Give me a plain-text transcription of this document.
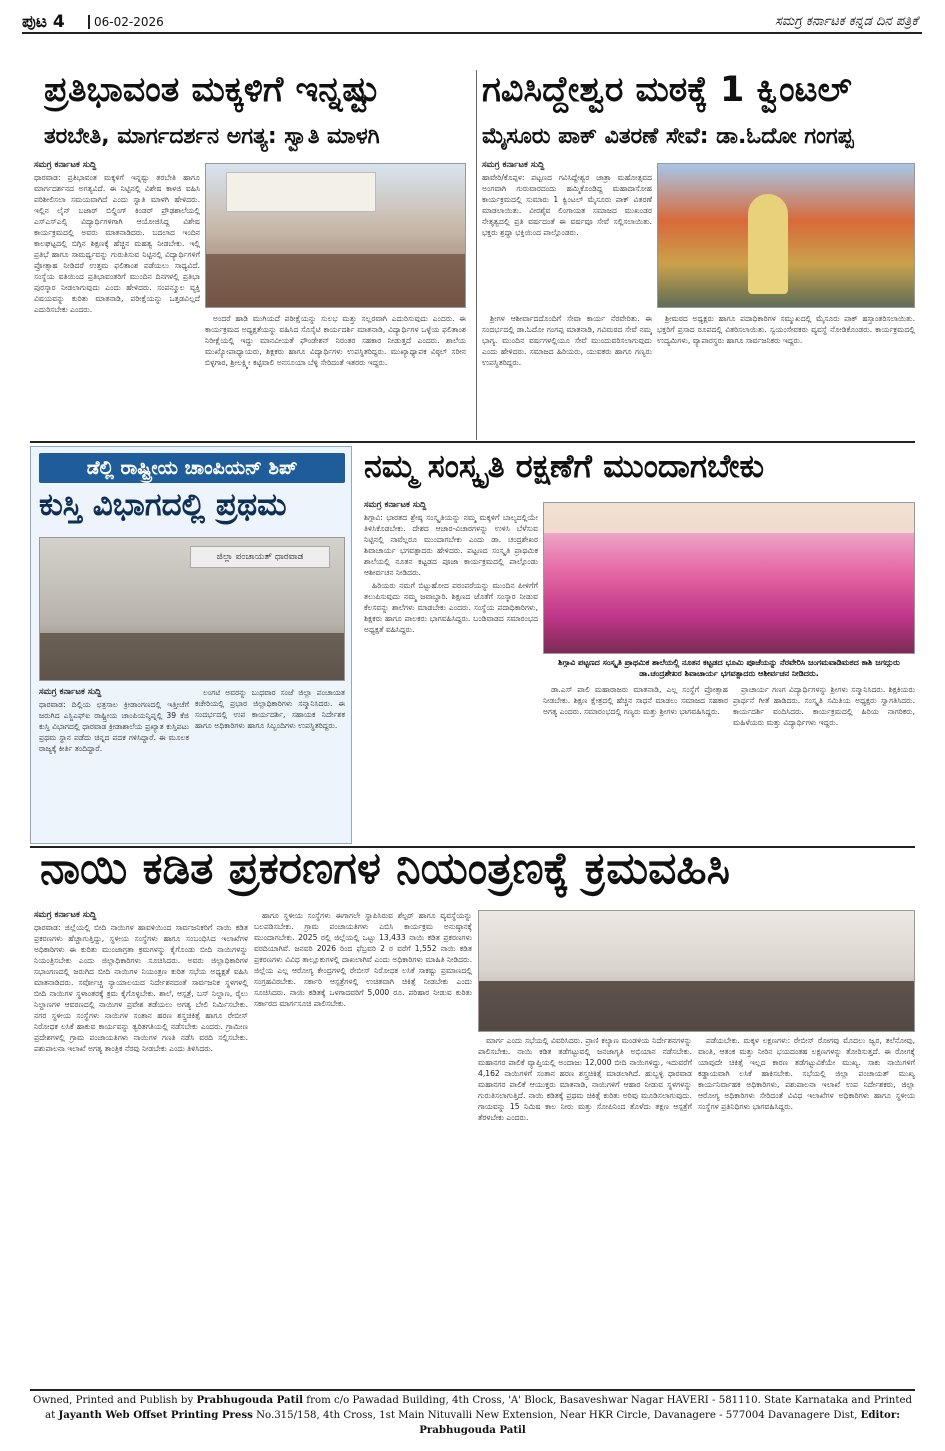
ಪುಟ 4	06-02-2026	ಸಮಗ್ರ ಕರ್ನಾಟಕ ಕನ್ನಡ ದಿನ ಪತ್ರಿಕೆ
ಪ್ರತಿಭಾವಂತ ಮಕ್ಕಳಿಗೆ ಇನ್ನಷ್ಟು
ತರಬೇತಿ, ಮಾರ್ಗದರ್ಶನ ಅಗತ್ಯ: ಸ್ವಾತಿ ಮಾಳಗಿ

ಸಮಗ್ರ ಕರ್ನಾಟಕ ಸುದ್ದಿ
ಧಾರವಾಡ: ಪ್ರತಿಭಾವಂತ ಮಕ್ಕಳಿಗೆ ಇನ್ನಷ್ಟು ತರಬೇತಿ ಹಾಗೂ ಮಾರ್ಗದರ್ಶನದ ಅಗತ್ಯವಿದೆ. ಈ ನಿಟ್ಟಿನಲ್ಲಿ ವಿಶೇಷ ಕಾಳಜಿ ವಹಿಸಿ ಪರಿಶೀಲಿಸಲಾ ಸಮಯವಾಗಿದೆ ಎಂದು ಸ್ವಾತಿ ಮಾಳಗಿ ಹೇಳಿದರು. ಇಲ್ಲಿನ ಲೈನ್ ಬಜಾರ್ ಬಿಲ್ಡಿಂಗ್ ಕಿಂಡರ್ ಪ್ರೌಢಶಾಲೆಯಲ್ಲಿ ಎಸ್ಎಸ್ಎಲ್ಸಿ ವಿದ್ಯಾರ್ಥಿಗಳಿಗಾಗಿ ಆಯೋಜಿಸಿದ್ದ ವಿಶೇಷ ಕಾರ್ಯಕ್ರಮದಲ್ಲಿ ಅವರು ಮಾತನಾಡಿದರು. ಬದಲಾದ ಇಂದಿನ ಕಾಲಘಟ್ಟದಲ್ಲಿ ಬಿಗ್ಗಿನ ಶಿಕ್ಷಣಕ್ಕೆ ಹೆಚ್ಚಿನ ಮಹತ್ವ ನೀಡಬೇಕು. ಇಲ್ಲಿ ಪ್ರತಿಭೆ ಹಾಗೂ ಸಾಮರ್ಥ್ಯವನ್ನು ಗುರುತಿಸುವ ನಿಟ್ಟಿನಲ್ಲಿ ವಿದ್ಯಾರ್ಥಿಗಳಿಗೆ ಪ್ರೋತ್ಸಾಹ ನೀಡಿದರೆ ಉತ್ತಮ ಫಲಿತಾಂಶ ಪಡೆಯಲು ಸಾಧ್ಯವಿದೆ. ಸಂಸ್ಥೆಯ ವತಿಯಿಂದ ಪ್ರತಿಭಾವಂತರಿಗೆ ಮುಂದಿನ ದಿನಗಳಲ್ಲಿ ಪ್ರತಿಭಾ ಪುರಸ್ಕಾರ ನೀಡಲಾಗುವುದು ಎಂದು ಹೇಳಿದರು. ಸಂಪನ್ಮೂಲ ವ್ಯಕ್ತಿ ವಿಷಯವನ್ನು ಕುರಿತು ಮಾತನಾಡಿ, ಪರೀಕ್ಷೆಯನ್ನು ಒತ್ತಡವಿಲ್ಲದೆ ಎದುರಿಸಬೇಕು ಎಂದರು.

ಅಂದರೆ ಹಾಡಿ ಮುಗಿಯದೆ ಪರೀಕ್ಷೆಯನ್ನು ಸುಲಭ ಮತ್ತು ಸಲ್ಲರವಾಗಿ ಎದುರಿಸುವುದು ಎಂದರು. ಈ ಕಾರ್ಯಕ್ರಮದ ಅಧ್ಯಕ್ಷತೆಯನ್ನು ವಹಿಸಿದ ಸೊಸೈಟಿ ಕಾರ್ಯದರ್ಶಿ ಮಾತನಾಡಿ, ವಿದ್ಯಾರ್ಥಿಗಳ ಒಳ್ಳೆಯ ಫಲಿತಾಂಶ ನಿರೀಕ್ಷೆಯಲ್ಲಿ ಇದ್ದು ಮಾನವೀಯತೆ ಫೌಂಡೇಶನ್ ನಿರಂತರ ಸಹಕಾರ ನೀಡುತ್ತದೆ ಎಂದರು. ಶಾಲೆಯ ಮುಖ್ಯೋಪಾಧ್ಯಾಯರು, ಶಿಕ್ಷಕರು ಹಾಗೂ ವಿದ್ಯಾರ್ಥಿಗಳು ಉಪಸ್ಥಿತರಿದ್ದರು. ಮುಖ್ಯಾಧ್ಯಾಪಕ ವಿಠ್ಠಲ್ ಸರೀನ ಬಿಳ್ಳಗಾರ, ಶ್ರೀಲಕ್ಷ್ಮೀ ಕಟ್ಟಿವಾಲಿ ಅನಸೂಯಾ ಬೆಳ್ಳಿ ಸೇರಿದಂತೆ ಇತರರು ಇದ್ದರು.

ಗವಿಸಿದ್ದೇಶ್ವರ ಮಠಕ್ಕೆ 1 ಕ್ವಿಂಟಲ್
ಮೈಸೂರು ಪಾಕ್ ವಿತರಣೆ ಸೇವೆ: ಡಾ.ಓದೋ ಗಂಗಪ್ಪ

ಸಮಗ್ರ ಕರ್ನಾಟಕ ಸುದ್ದಿ
ಹಾವೇರಿ/ಕೊಪ್ಪಳ: ಪಟ್ಟಣದ ಗವಿಸಿದ್ದೇಶ್ವರ ಜಾತ್ರಾ ಮಹೋತ್ಸವದ ಅಂಗವಾಗಿ ಗುರುವಾರದಂದು ಹಮ್ಮಿಕೊಂಡಿದ್ದ ಮಹಾದಾಸೋಹ ಕಾರ್ಯಕ್ರಮದಲ್ಲಿ ಸುಮಾರು 1 ಕ್ವಿಂಟಲ್ ಮೈಸೂರು ಪಾಕ್ ವಿತರಣೆ ಮಾಡಲಾಯಿತು. ವೀರಶೈವ ಲಿಂಗಾಯತ ಸಮಾಜದ ಮುಖಂಡರ ನೇತೃತ್ವದಲ್ಲಿ ಪ್ರತಿ ವರ್ಷದಂತೆ ಈ ವರ್ಷವೂ ಸೇವೆ ಸಲ್ಲಿಸಲಾಯಿತು. ಭಕ್ತರು ಶ್ರದ್ಧಾ ಭಕ್ತಿಯಿಂದ ಪಾಲ್ಗೊಂಡರು.

ಶ್ರೀಗಳ ಆಶೀರ್ವಾದದೊಂದಿಗೆ ಸೇವಾ ಕಾರ್ಯ ನೆರವೇರಿತು. ಈ ಸಂದರ್ಭದಲ್ಲಿ ಡಾ.ಓದೋ ಗಂಗಪ್ಪ ಮಾತನಾಡಿ, ಗವಿಮಠದ ಸೇವೆ ನಮ್ಮ ಭಾಗ್ಯ. ಮುಂದಿನ ವರ್ಷಗಳಲ್ಲಿಯೂ ಸೇವೆ ಮುಂದುವರಿಸಲಾಗುವುದು ಎಂದು ಹೇಳಿದರು. ಸಮಾಜದ ಹಿರಿಯರು, ಯುವಕರು ಹಾಗೂ ಗಣ್ಯರು ಉಪಸ್ಥಿತರಿದ್ದರು.

ಶ್ರೀಮಠದ ಅಧ್ಯಕ್ಷರು ಹಾಗೂ ಪದಾಧಿಕಾರಿಗಳ ಸಮ್ಮುಖದಲ್ಲಿ ಮೈಸೂರು ಪಾಕ್ ಹಸ್ತಾಂತರಿಸಲಾಯಿತು. ಭಕ್ತರಿಗೆ ಪ್ರಸಾದ ರೂಪದಲ್ಲಿ ವಿತರಿಸಲಾಯಿತು. ಸ್ವಯಂಸೇವಕರು ವ್ಯವಸ್ಥೆ ನೋಡಿಕೊಂಡರು. ಕಾರ್ಯಕ್ರಮದಲ್ಲಿ ಉದ್ಯಮಿಗಳು, ವ್ಯಾಪಾರಸ್ಥರು ಹಾಗೂ ಸಾರ್ವಜನಿಕರು ಇದ್ದರು.

ಡೆಲ್ಲಿ ರಾಷ್ಟ್ರೀಯ ಚಾಂಪಿಯನ್ ಶಿಪ್
ಕುಸ್ತಿ ವಿಭಾಗದಲ್ಲಿ ಪ್ರಥಮ
ಜಿಲ್ಲಾ ಪಂಚಾಯತ್ ಧಾರವಾಡ

ಸಮಗ್ರ ಕರ್ನಾಟಕ ಸುದ್ದಿ
ಧಾರವಾಡ: ದಿಲ್ಲಿಯ ಛತ್ರಸಾಲ ಕ್ರೀಡಾಂಗಣದಲ್ಲಿ ಇತ್ತೀಚೆಗೆ ಜರುಗಿದ ಎಸ್ಜಿಎಫ್ಐ ರಾಷ್ಟ್ರೀಯ ಚಾಂಪಿಯನ್ಶಿಪ್ನಲ್ಲಿ 39 ಕೆಜಿ ಕುಸ್ತಿ ವಿಭಾಗದಲ್ಲಿ ಧಾರವಾಡ ಕ್ರೀಡಾಶಾಲೆಯ ಪ್ರಖ್ಯಾತ ಕುಸ್ತಿಪಟು ಪ್ರಥಮ ಸ್ಥಾನ ಪಡೆದು ಚಿನ್ನದ ಪದಕ ಗಳಿಸಿದ್ದಾರೆ. ಈ ಮೂಲಕ ರಾಜ್ಯಕ್ಕೆ ಕೀರ್ತಿ ತಂದಿದ್ದಾರೆ.

ಲಂಗಟಿ ಅವರನ್ನು ಬುಧವಾರ ಸಂಜೆ ಜಿಲ್ಲಾ ಪಂಚಾಯತ ಕಚೇರಿಯಲ್ಲಿ ಪ್ರಭಾರ ಜಿಲ್ಲಾಧಿಕಾರಿಗಳು ಸನ್ಮಾನಿಸಿದರು. ಈ ಸಂದರ್ಭದಲ್ಲಿ ಉಪ ಕಾರ್ಯದರ್ಶಿ, ಸಹಾಯಕ ನಿರ್ದೇಶಕ ಹಾಗೂ ಅಧಿಕಾರಿಗಳು ಹಾಗೂ ಸಿಬ್ಬಂದಿಗಳು ಉಪಸ್ಥಿತರಿದ್ದರು.

ನಮ್ಮ ಸಂಸ್ಕೃತಿ ರಕ್ಷಣೆಗೆ ಮುಂದಾಗಬೇಕು

ಸಮಗ್ರ ಕರ್ನಾಟಕ ಸುದ್ದಿ
ಶಿಗ್ಗಾವಿ: ಭಾರತದ ಶ್ರೇಷ್ಠ ಸಂಸ್ಕೃತಿಯನ್ನು ನಮ್ಮ ಮಕ್ಕಳಿಗೆ ಬಾಲ್ಯದಲ್ಲಿಯೇ ತಿಳಿಸಿಕೊಡಬೇಕು. ದೇಶದ ಆಚಾರ-ವಿಚಾರಗಳನ್ನು ಉಳಿಸಿ ಬೆಳೆಸುವ ನಿಟ್ಟಿನಲ್ಲಿ ನಾವೆಲ್ಲರೂ ಮುಂದಾಗಬೇಕು ಎಂದು ಡಾ. ಚಂದ್ರಶೇಖರ ಶಿವಾಚಾರ್ಯ ಭಗವತ್ಪಾದರು ಹೇಳಿದರು. ಪಟ್ಟಣದ ಸಂಸ್ಕೃತಿ ಪ್ರಾಥಮಿಕ ಶಾಲೆಯಲ್ಲಿ ನೂತನ ಕಟ್ಟಡದ ಪೂಜಾ ಕಾರ್ಯಕ್ರಮದಲ್ಲಿ ಪಾಲ್ಗೊಂಡು ಆಶೀರ್ವಚನ ನೀಡಿದರು.

ಹಿರಿಯರು ನಮಗೆ ಬಿಟ್ಟುಹೋದ ಪರಂಪರೆಯನ್ನು ಮುಂದಿನ ಪೀಳಿಗೆಗೆ ತಲುಪಿಸುವುದು ನಮ್ಮ ಜವಾಬ್ದಾರಿ. ಶಿಕ್ಷಣದ ಜೊತೆಗೆ ಸಂಸ್ಕಾರ ನೀಡುವ ಕೆಲಸವನ್ನು ಶಾಲೆಗಳು ಮಾಡಬೇಕು ಎಂದರು. ಸಂಸ್ಥೆಯ ಪದಾಧಿಕಾರಿಗಳು, ಶಿಕ್ಷಕರು ಹಾಗೂ ಪಾಲಕರು ಭಾಗವಹಿಸಿದ್ದರು. ಬಂಡಿವಾಡದ ಸಮಾರಂಭದ ಅಧ್ಯಕ್ಷತೆ ವಹಿಸಿದ್ದರು.

ಶಿಗ್ಗಾವಿ ಪಟ್ಟಣದ ಸಂಸ್ಕೃತಿ ಪ್ರಾಥಮಿಕ ಶಾಲೆಯಲ್ಲಿ ನೂತನ ಕಟ್ಟಡದ ಭೂಮಿ ಪೂಜೆಯನ್ನು ನೆರವೇರಿಸಿ ಜಂಗಮವಾಡಿಮಠದ ಕಾಶಿ ಜಗದ್ಗುರು ಡಾ.ಚಂದ್ರಶೇಖರ ಶಿವಾಚಾರ್ಯ ಭಗವತ್ಪಾದರು ಆಶೀರ್ವಚನ ನೀಡಿದರು.

ಡಾ.ಎಸ್ ಪಾಲಿ ಮಹಾರಾಜರು ಮಾತನಾಡಿ, ಎಲ್ಲ ಸಂಸ್ಥೆಗೆ ಪ್ರೋತ್ಸಾಹ ನೀಡಬೇಕು. ಶಿಕ್ಷಣ ಕ್ಷೇತ್ರದಲ್ಲಿ ಹೆಚ್ಚಿನ ಸಾಧನೆ ಮಾಡಲು ಸಮಾಜದ ಸಹಕಾರ ಅಗತ್ಯ ಎಂದರು. ಸಮಾರಂಭದಲ್ಲಿ ಗಣ್ಯರು ಮತ್ತು ಶ್ರೀಗಳು ಭಾಗವಹಿಸಿದ್ದರು.

ಪ್ರಾಚಾರ್ಯ ಗಣಗ ವಿದ್ಯಾರ್ಥಿಗಳನ್ನು ಶ್ರೀಗಳು ಸನ್ಮಾನಿಸಿದರು. ಶಿಕ್ಷಕಿಯರು ಪ್ರಾರ್ಥನೆ ಗೀತೆ ಹಾಡಿದರು. ಸಂಸ್ಕೃತಿ ಸಮಿತಿಯ ಅಧ್ಯಕ್ಷರು ಸ್ವಾಗತಿಸಿದರು. ಕಾರ್ಯದರ್ಶಿ ವಂದಿಸಿದರು. ಕಾರ್ಯಕ್ರಮದಲ್ಲಿ ಹಿರಿಯ ನಾಗರಿಕರು, ಮಹಿಳೆಯರು ಮತ್ತು ವಿದ್ಯಾರ್ಥಿಗಳು ಇದ್ದರು.

ನಾಯಿ ಕಡಿತ ಪ್ರಕರಣಗಳ ನಿಯಂತ್ರಣಕ್ಕೆ ಕ್ರಮವಹಿಸಿ

ಸಮಗ್ರ ಕರ್ನಾಟಕ ಸುದ್ದಿ
ಧಾರವಾಡ: ಜಿಲ್ಲೆಯಲ್ಲಿ ಬೀದಿ ನಾಯಿಗಳ ಹಾವಳಿಯಿಂದ ಸಾರ್ವಜನಿಕರಿಗೆ ನಾಯಿ ಕಡಿತ ಪ್ರಕರಣಗಳು ಹೆಚ್ಚಾಗುತ್ತಿದ್ದು, ಸ್ಥಳೀಯ ಸಂಸ್ಥೆಗಳು ಹಾಗೂ ಸಂಬಂಧಿಸಿದ ಇಲಾಖೆಗಳ ಅಧಿಕಾರಿಗಳು ಈ ಕುರಿತು ಮುಂಜಾಗ್ರತಾ ಕ್ರಮಗಳನ್ನು ಕೈಗೊಂಡು ಬೀದಿ ನಾಯಿಗಳನ್ನು ನಿಯಂತ್ರಿಸಬೇಕು ಎಂದು ಜಿಲ್ಲಾಧಿಕಾರಿಗಳು ಸೂಚಿಸಿದರು. ಅವರು ಜಿಲ್ಲಾಧಿಕಾರಿಗಳ ಸಭಾಂಗಣದಲ್ಲಿ ಜರುಗಿದ ಬೀದಿ ನಾಯಿಗಳ ನಿಯಂತ್ರಣ ಕುರಿತ ಸಭೆಯ ಅಧ್ಯಕ್ಷತೆ ವಹಿಸಿ ಮಾತನಾಡಿದರು. ಸರ್ವೋಚ್ಚ ನ್ಯಾಯಾಲಯದ ನಿರ್ದೇಶನದಂತೆ ಸಾರ್ವಜನಿಕ ಸ್ಥಳಗಳಲ್ಲಿ ಬೀದಿ ನಾಯಿಗಳ ಸ್ಥಳಾಂತರಕ್ಕೆ ಕ್ರಮ ಕೈಗೊಳ್ಳಬೇಕು. ಶಾಲೆ, ಆಸ್ಪತ್ರೆ, ಬಸ್ ನಿಲ್ದಾಣ, ರೈಲು ನಿಲ್ದಾಣಗಳ ಆವರಣದಲ್ಲಿ ನಾಯಿಗಳ ಪ್ರವೇಶ ತಡೆಯಲು ಅಗತ್ಯ ಬೇಲಿ ನಿರ್ಮಿಸಬೇಕು. ನಗರ ಸ್ಥಳೀಯ ಸಂಸ್ಥೆಗಳು ನಾಯಿಗಳ ಸಂತಾನ ಹರಣ ಶಸ್ತ್ರಚಿಕಿತ್ಸೆ ಹಾಗೂ ರೇಬೀಸ್ ನಿರೋಧಕ ಲಸಿಕೆ ಹಾಕುವ ಕಾರ್ಯವನ್ನು ತ್ವರಿತಗತಿಯಲ್ಲಿ ನಡೆಸಬೇಕು ಎಂದರು. ಗ್ರಾಮೀಣ ಪ್ರದೇಶಗಳಲ್ಲಿ ಗ್ರಾಮ ಪಂಚಾಯತಿಗಳು ನಾಯಿಗಳ ಗಣತಿ ನಡೆಸಿ ವರದಿ ಸಲ್ಲಿಸಬೇಕು. ಪಶುಪಾಲನಾ ಇಲಾಖೆ ಅಗತ್ಯ ತಾಂತ್ರಿಕ ನೆರವು ನೀಡಬೇಕು ಎಂದು ತಿಳಿಸಿದರು.

ಹಾಗೂ ಸ್ಥಳೀಯ ಸಂಸ್ಥೆಗಳು ಈಗಾಗಲೇ ಸ್ಥಾಪಿಸಿರುವ ಶೆಲ್ಟರ್ ಹಾಗೂ ವ್ಯವಸ್ಥೆಯನ್ನು ಬಲಪಡಿಸಬೇಕು. ಗ್ರಾಮ ಪಂಚಾಯತಿಗಳು ಎಬಿಸಿ ಕಾರ್ಯಕ್ರಮ ಅನುಷ್ಠಾನಕ್ಕೆ ಮುಂದಾಗಬೇಕು. 2025 ರಲ್ಲಿ ಜಿಲ್ಲೆಯಲ್ಲಿ ಒಟ್ಟು 13,433 ನಾಯಿ ಕಡಿತ ಪ್ರಕರಣಗಳು ವರದಿಯಾಗಿವೆ. ಜನವರಿ 2026 ರಿಂದ ಫೆಬ್ರವರಿ 2 ರ ವರೆಗೆ 1,552 ನಾಯಿ ಕಡಿತ ಪ್ರಕರಣಗಳು ವಿವಿಧ ತಾಲ್ಲೂಕುಗಳಲ್ಲಿ ದಾಖಲಾಗಿವೆ ಎಂದು ಅಧಿಕಾರಿಗಳು ಮಾಹಿತಿ ನೀಡಿದರು. ಜಿಲ್ಲೆಯ ಎಲ್ಲ ಆರೋಗ್ಯ ಕೇಂದ್ರಗಳಲ್ಲಿ ರೇಬೀಸ್ ನಿರೋಧಕ ಲಸಿಕೆ ಸಾಕಷ್ಟು ಪ್ರಮಾಣದಲ್ಲಿ ಸಂಗ್ರಹವಿರಬೇಕು. ಸರ್ಕಾರಿ ಆಸ್ಪತ್ರೆಗಳಲ್ಲಿ ಉಚಿತವಾಗಿ ಚಿಕಿತ್ಸೆ ನೀಡಬೇಕು ಎಂದು ಸೂಚಿಸಿದರು. ನಾಯಿ ಕಡಿತಕ್ಕೆ ಒಳಗಾದವರಿಗೆ 5,000 ರೂ. ಪರಿಹಾರ ನೀಡುವ ಕುರಿತು ಸರ್ಕಾರದ ಮಾರ್ಗಸೂಚಿ ಪಾಲಿಸಬೇಕು.

ಮಾರ್ಗ ಎಂದು ಸಭೆಯಲ್ಲಿ ವಿವರಿಸಿದರು. ಪ್ರಾಣಿ ಕಲ್ಯಾಣ ಮಂಡಳಿಯ ನಿರ್ದೇಶನಗಳನ್ನು ಪಾಲಿಸಬೇಕು. ನಾಯಿ ಕಡಿತ ತಡೆಗಟ್ಟುವಲ್ಲಿ ಜನಜಾಗೃತಿ ಅಭಿಯಾನ ನಡೆಸಬೇಕು. ಮಹಾನಗರ ಪಾಲಿಕೆ ವ್ಯಾಪ್ತಿಯಲ್ಲಿ ಅಂದಾಜು 12,000 ಬೀದಿ ನಾಯಿಗಳಿದ್ದು, ಇದುವರೆಗೆ 4,162 ನಾಯಿಗಳಿಗೆ ಸಂತಾನ ಹರಣ ಶಸ್ತ್ರಚಿಕಿತ್ಸೆ ಮಾಡಲಾಗಿದೆ. ಹುಬ್ಬಳ್ಳಿ ಧಾರವಾಡ ಮಹಾನಗರ ಪಾಲಿಕೆ ಆಯುಕ್ತರು ಮಾತನಾಡಿ, ನಾಯಿಗಳಿಗೆ ಆಹಾರ ನೀಡುವ ಸ್ಥಳಗಳನ್ನು ಗುರುತಿಸಲಾಗುತ್ತಿದೆ. ನಾಯಿ ಕಡಿತಕ್ಕೆ ಪ್ರಥಮ ಚಿಕಿತ್ಸೆ ಕುರಿತು ಅರಿವು ಮೂಡಿಸಲಾಗುವುದು. ಗಾಯವನ್ನು 15 ನಿಮಿಷ ಕಾಲ ನೀರು ಮತ್ತು ಸೋಪಿನಿಂದ ತೊಳೆದು ತಕ್ಷಣ ಆಸ್ಪತ್ರೆಗೆ ತೆರಳಬೇಕು ಎಂದರು.

ಪಡೆಯಬೇಕು. ಮಕ್ಕಳ ಲಕ್ಷಣಗಳು: ರೇಬೀಸ್ ರೋಗವು ಮೊದಲು ಜ್ವರ, ತಲೆನೋವು, ವಾಂತಿ, ಆತಂಕ ಮತ್ತು ನೀರಿನ ಭಯದಂತಹ ಲಕ್ಷಣಗಳನ್ನು ತೋರಿಸುತ್ತದೆ. ಈ ರೋಗಕ್ಕೆ ಯಾವುದೇ ಚಿಕಿತ್ಸೆ ಇಲ್ಲದ ಕಾರಣ ತಡೆಗಟ್ಟುವಿಕೆಯೇ ಮುಖ್ಯ. ಸಾಕು ನಾಯಿಗಳಿಗೆ ಕಡ್ಡಾಯವಾಗಿ ಲಸಿಕೆ ಹಾಕಿಸಬೇಕು. ಸಭೆಯಲ್ಲಿ ಜಿಲ್ಲಾ ಪಂಚಾಯತ್ ಮುಖ್ಯ ಕಾರ್ಯನಿರ್ವಾಹಕ ಅಧಿಕಾರಿಗಳು, ಪಶುಪಾಲನಾ ಇಲಾಖೆ ಉಪ ನಿರ್ದೇಶಕರು, ಜಿಲ್ಲಾ ಆರೋಗ್ಯ ಅಧಿಕಾರಿಗಳು ಸೇರಿದಂತೆ ವಿವಿಧ ಇಲಾಖೆಗಳ ಅಧಿಕಾರಿಗಳು ಹಾಗೂ ಸ್ಥಳೀಯ ಸಂಸ್ಥೆಗಳ ಪ್ರತಿನಿಧಿಗಳು ಭಾಗವಹಿಸಿದ್ದರು.

Owned, Printed and Publish by Prabhugouda Patil from c/o Pawadad Building, 4th Cross, 'A' Block, Basaveshwar Nagar HAVERI - 581110. State Karnataka and Printed at Jayanth Web Offset Printing Press No.315/158, 4th Cross, 1st Main Nituvalli New Extension, Near HKR Circle, Davanagere - 577004 Davanagere Dist, Editor: Prabhugouda Patil
